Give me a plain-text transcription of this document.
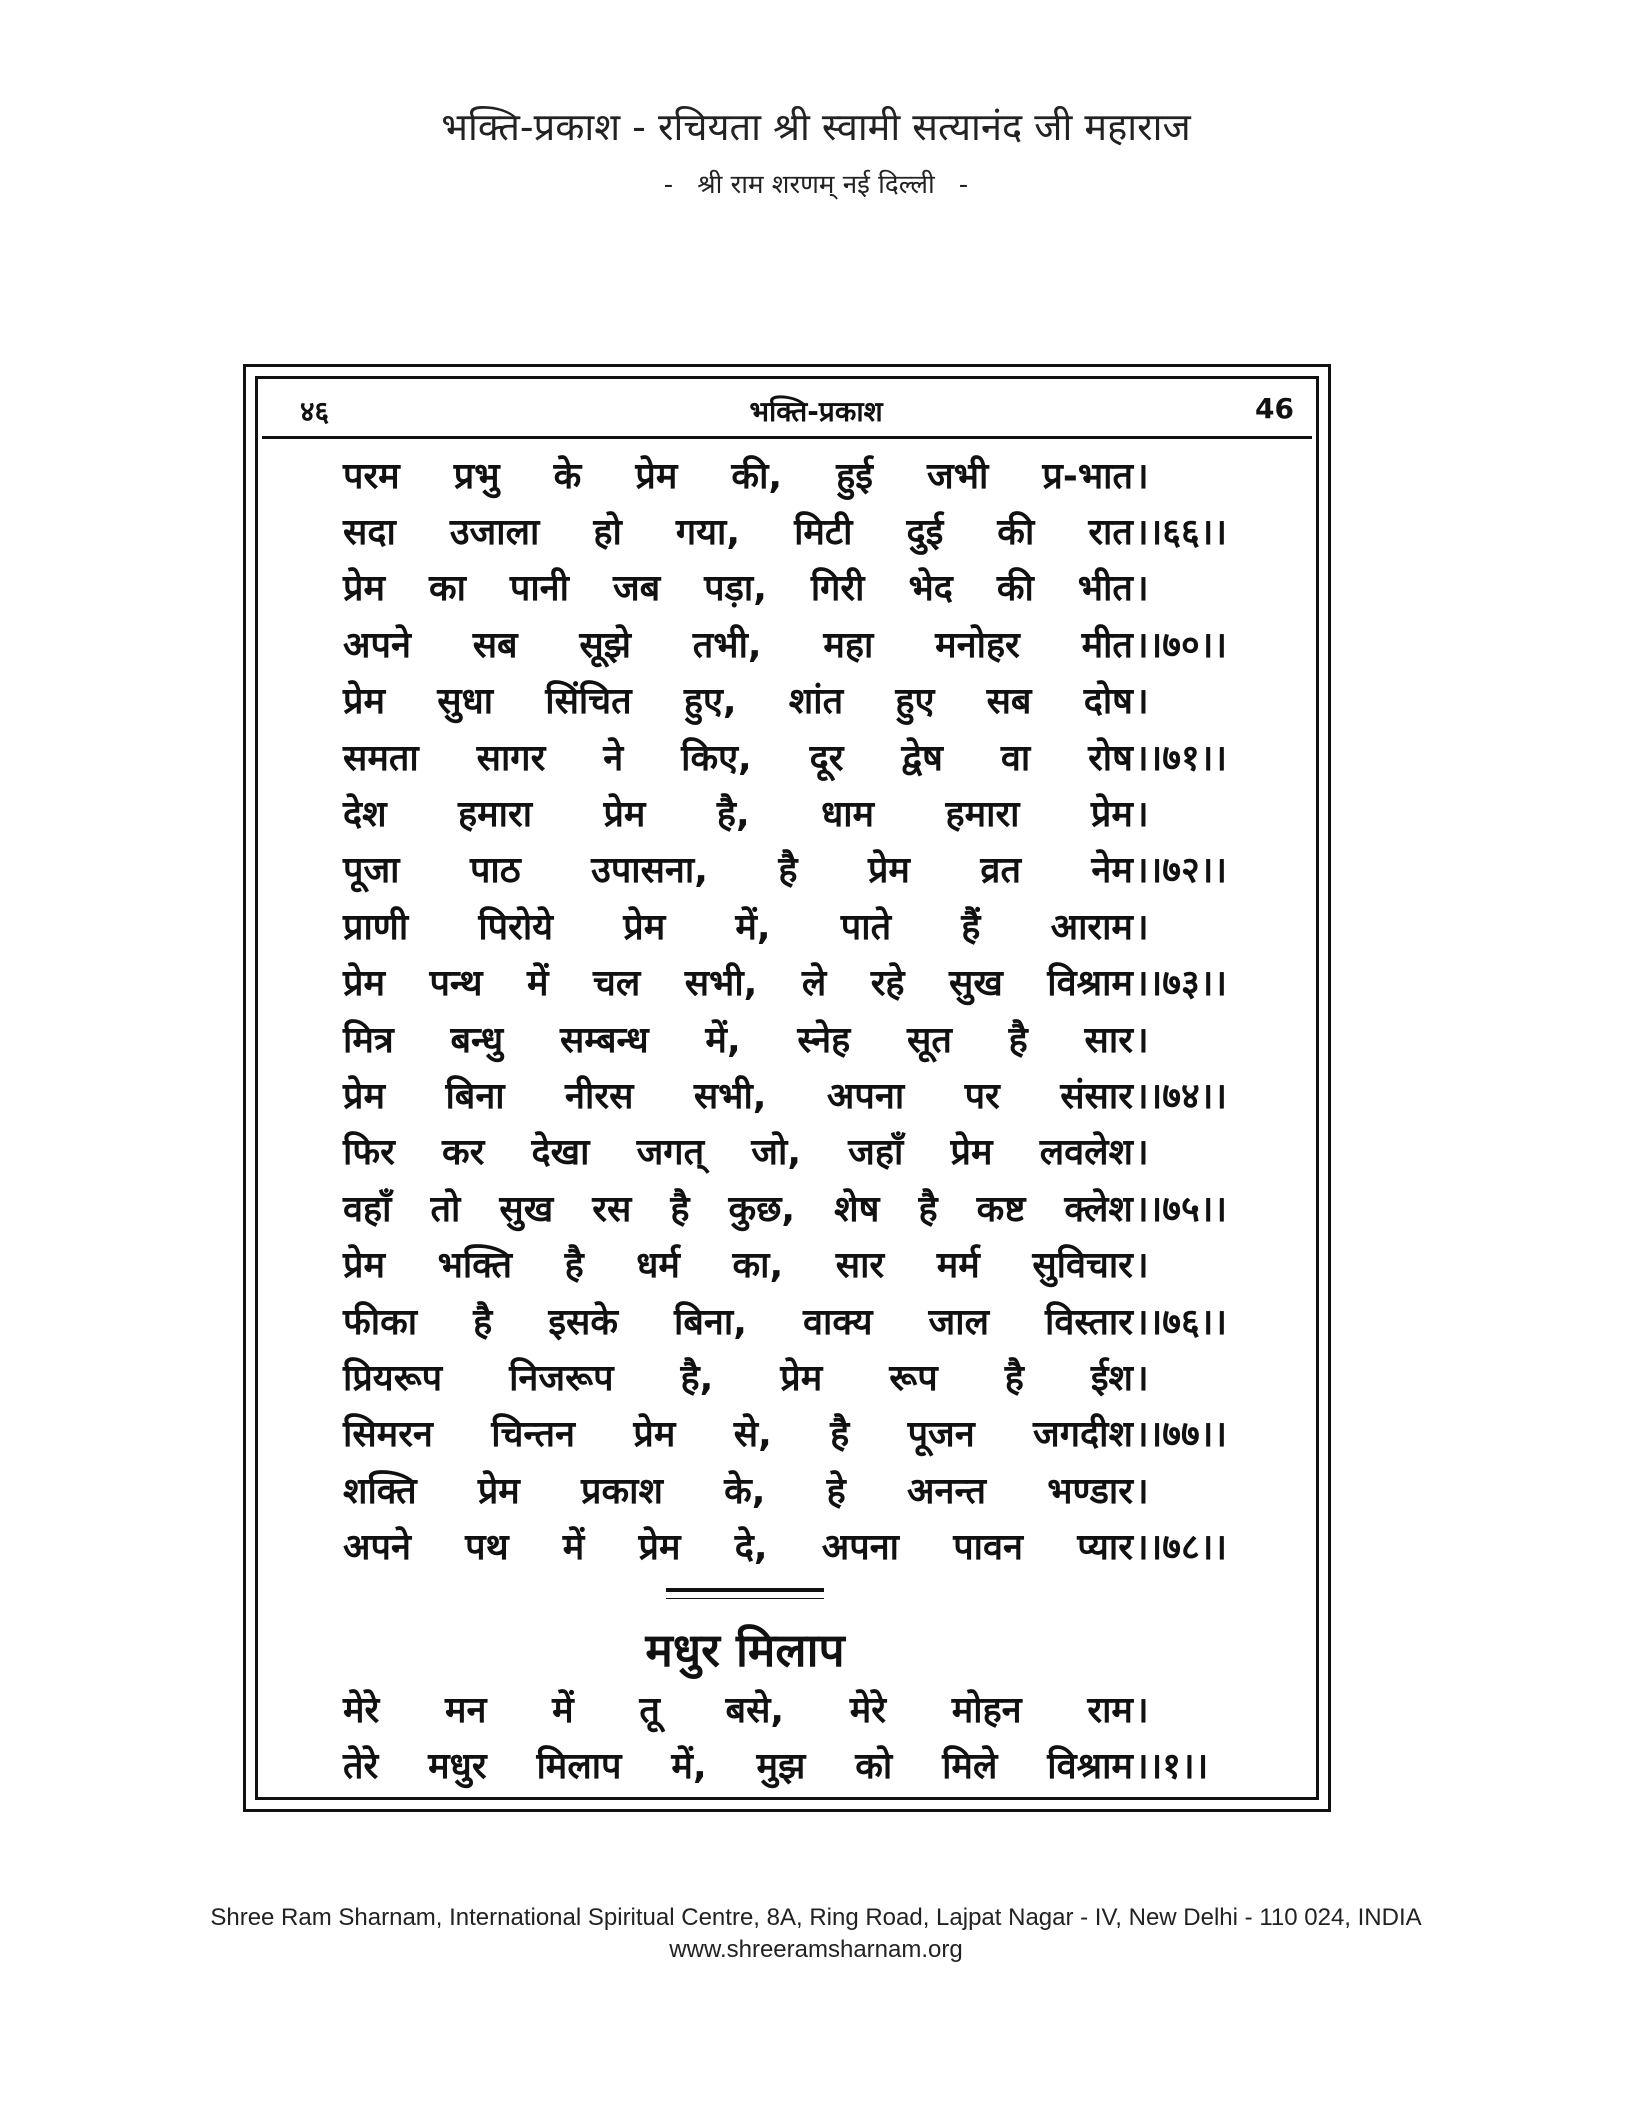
भक्ति-प्रकाश - रचियता श्री स्वामी सत्यानंद जी महाराज
- श्री राम शरणम् नई दिल्ली -
४६	भक्ति-प्रकाश	46
परम प्रभु के प्रेम की, हुई जभी प्र-भात ।
सदा उजाला हो गया, मिटी दुई की रात ।।६६।।
प्रेम का पानी जब पड़ा, गिरी भेद की भीत ।
अपने सब सूझे तभी, महा मनोहर मीत ।।७०।।
प्रेम सुधा सिंचित हुए, शांत हुए सब दोष ।
समता सागर ने किए, दूर द्वेष वा रोष ।।७१।।
देश हमारा प्रेम है, धाम हमारा प्रेम ।
पूजा पाठ उपासना, है प्रेम व्रत नेम ।।७२।।
प्राणी पिरोये प्रेम में, पाते हैं आराम ।
प्रेम पन्थ में चल सभी, ले रहे सुख विश्राम ।।७३।।
मित्र बन्धु सम्बन्ध में, स्नेह सूत है सार ।
प्रेम बिना नीरस सभी, अपना पर संसार ।।७४।।
फिर कर देखा जगत् जो, जहाँ प्रेम लवलेश ।
वहाँ तो सुख रस है कुछ, शेष है कष्ट क्लेश ।।७५।।
प्रेम भक्ति है धर्म का, सार मर्म सुविचार ।
फीका है इसके बिना, वाक्य जाल विस्तार ।।७६।।
प्रियरूप निजरूप है, प्रेम रूप है ईश ।
सिमरन चिन्तन प्रेम से, है पूजन जगदीश ।।७७।।
शक्ति प्रेम प्रकाश के, हे अनन्त भण्डार ।
अपने पथ में प्रेम दे, अपना पावन प्यार ।।७८।।
मधुर मिलाप
मेरे मन में तू बसे, मेरे मोहन राम ।
तेरे मधुर मिलाप में, मुझ को मिले विश्राम ।।१।।
Shree Ram Sharnam, International Spiritual Centre, 8A, Ring Road, Lajpat Nagar - IV, New Delhi - 110 024, INDIA
www.shreeramsharnam.org
